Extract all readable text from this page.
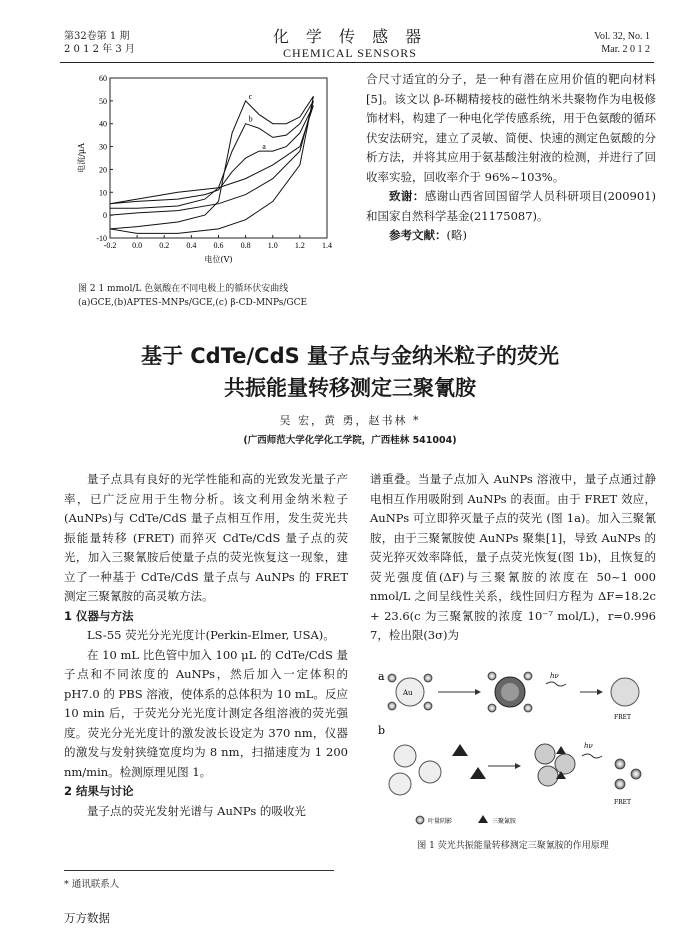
第32卷第 1 期
2 0 1 2 年 3 月
化 学 传 感 器
CHEMICAL SENSORS
Vol. 32, No. 1
Mar. 2 0 1 2
-0.2 0.0 0.2 0.4 0.6 0.8 1.0 1.2 1.4
-10
0
10
20
30
40
50
60
电位(V)
电流/μA	a
b
c
图 2 1 mmol/L 色氨酸在不同电极上的循环伏安曲线
(a)GCE,(b)APTES-MNPs/GCE,(c) β-CD-MNPs/GCE
合尺寸适宜的分子，是一种有潜在应用价值的靶向材料[5]。该文以 β-环糊精接枝的磁性纳米共聚物作为电极修饰材料，构建了一种电化学传感系统，用于色氨酸的循环伏安法研究，建立了灵敏、简便、快速的测定色氨酸的分析方法，并将其应用于氨基酸注射液的检测，并进行了回收率实验，回收率介于 96%~103%。
致谢：感谢山西省回国留学人员科研项目(200901)和国家自然科学基金(21175087)。
参考文献：(略)
基于 CdTe/CdS 量子点与金纳米粒子的荧光
共振能量转移测定三聚氰胺
吴 宏，黄 勇，赵书林 *
(广西师范大学化学化工学院，广西桂林 541004)
量子点具有良好的光学性能和高的光致发光量子产率，已广泛应用于生物分析。该文利用金纳米粒子(AuNPs)与 CdTe/CdS 量子点相互作用，发生荧光共振能量转移 (FRET) 而猝灭 CdTe/CdS 量子点的荧光，加入三聚氰胺后使量子点的荧光恢复这一现象，建立了一种基于 CdTe/CdS 量子点与 AuNPs 的 FRET 测定三聚氰胺的高灵敏方法。
1 仪器与方法
LS-55 荧光分光光度计(Perkin-Elmer, USA)。
在 10 mL 比色管中加入 100 μL 的 CdTe/CdS 量子点和不同浓度的 AuNPs，然后加入一定体积的 pH7.0 的 PBS 溶液，使体系的总体积为 10 mL。反应 10 min 后，于荧光分光光度计测定各组溶液的荧光强度。荧光分光光度计的激发波长设定为 370 nm，仪器的激发与发射狭缝宽度均为 8 nm，扫描速度为 1 200 nm/min。检测原理见图 1。
2 结果与讨论
量子点的荧光发射光谱与 AuNPs 的吸收光
谱重叠。当量子点加入 AuNPs 溶液中，量子点通过静电相互作用吸附到 AuNPs 的表面。由于 FRET 效应，AuNPs 可立即猝灭量子点的荧光 (图 1a)。加入三聚氰胺，由于三聚氰胺使 AuNPs 聚集[1]，导致 AuNPs 的荧光猝灭效率降低，量子点荧光恢复(图 1b)，且恢复的荧光强度值(ΔF)与三聚氰胺的浓度在 50~1 000 nmol/L 之间呈线性关系，线性回归方程为 ΔF=18.2c + 23.6(c 为三聚氰胺的浓度 10⁻⁷ mol/L)，r=0.996 7，检出限(3σ)为
a
b
Au
hν
FRET
hν
FRET
叶量阴影	三聚氰胺
图 1 荧光共振能量转移测定三聚氰胺的作用原理
* 通讯联系人
万方数据
